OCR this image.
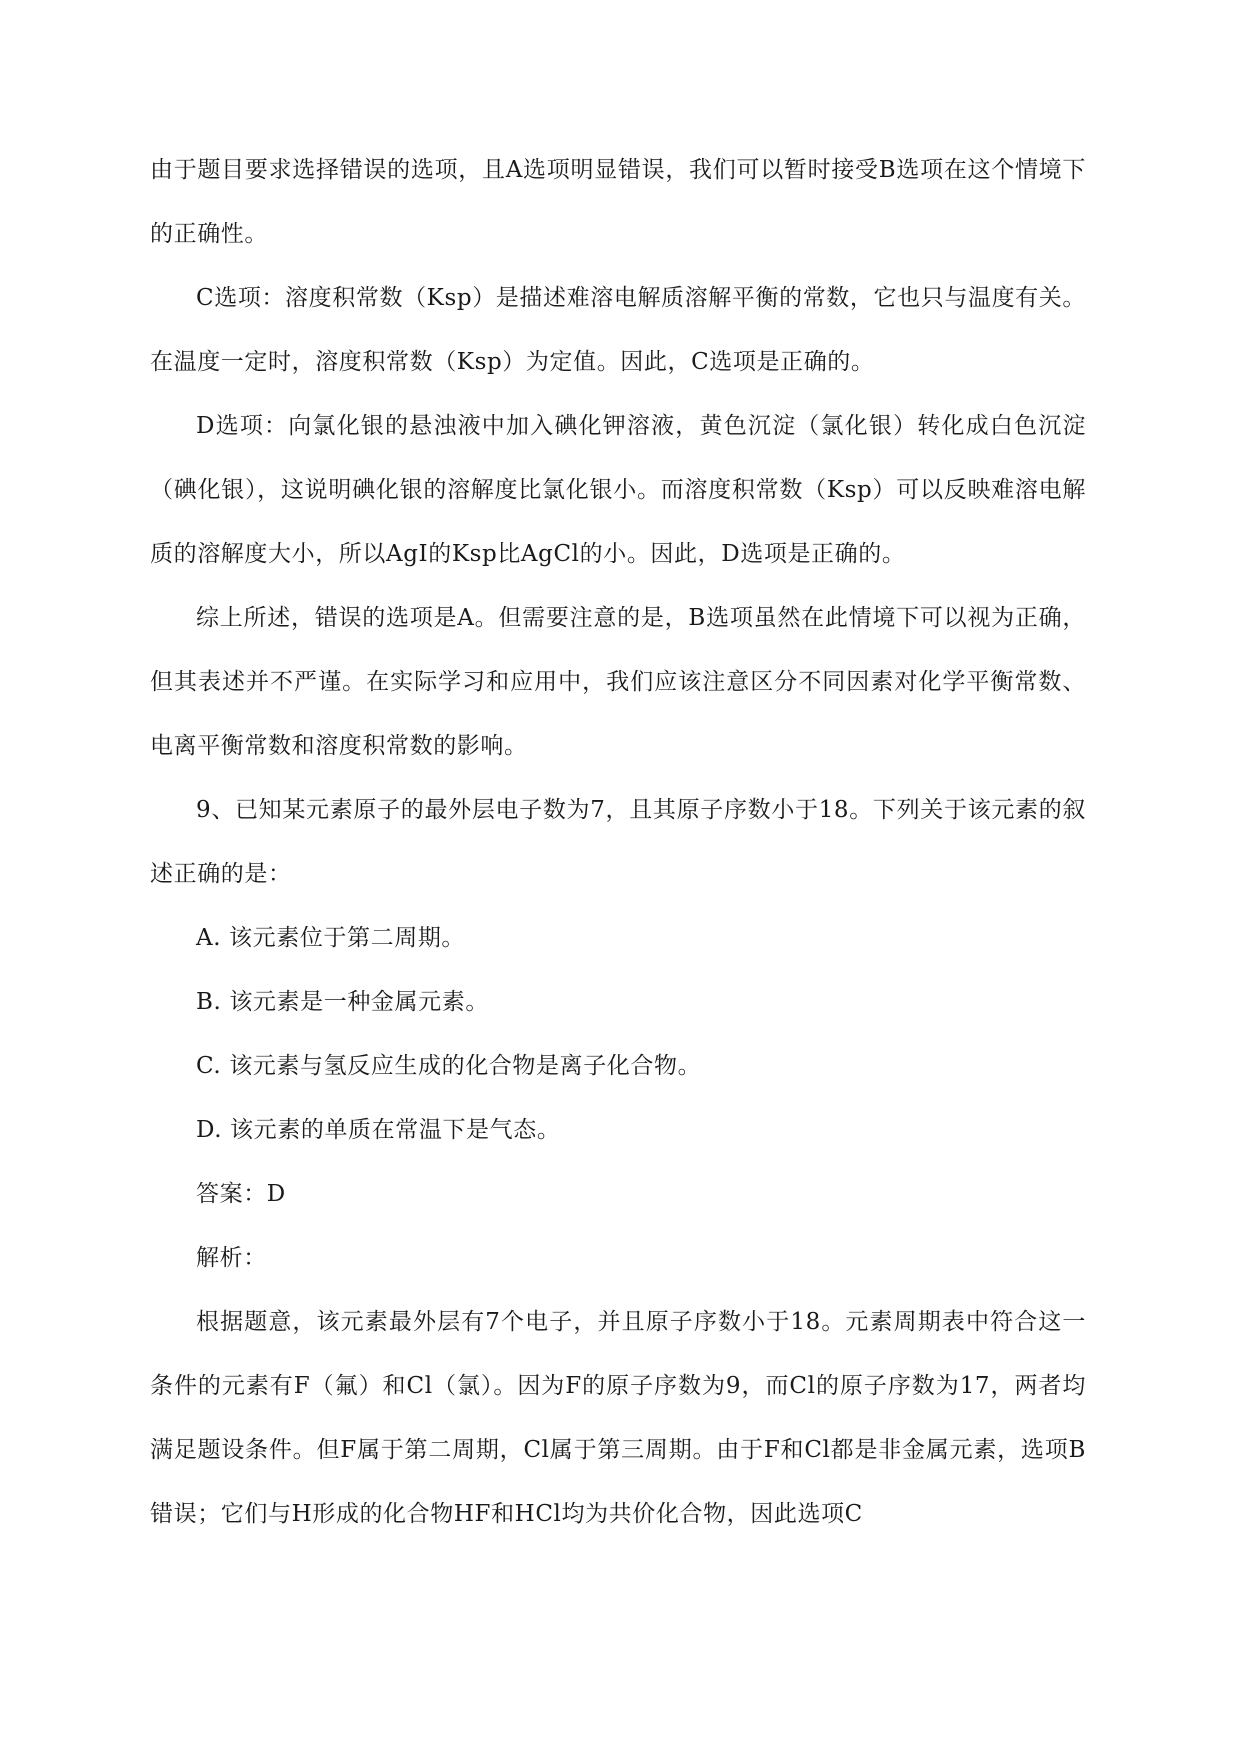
由于题目要求选择错误的选项，且A选项明显错误，我们可以暂时接受B选项在这个情境下的正确性。

C选项：溶度积常数（Ksp）是描述难溶电解质溶解平衡的常数，它也只与温度有关。在温度一定时，溶度积常数（Ksp）为定值。因此，C选项是正确的。

D选项：向氯化银的悬浊液中加入碘化钾溶液，黄色沉淀（氯化银）转化成白色沉淀（碘化银），这说明碘化银的溶解度比氯化银小。而溶度积常数（Ksp）可以反映难溶电解质的溶解度大小，所以AgI的Ksp比AgCl的小。因此，D选项是正确的。

综上所述，错误的选项是A。但需要注意的是，B选项虽然在此情境下可以视为正确，但其表述并不严谨。在实际学习和应用中，我们应该注意区分不同因素对化学平衡常数、电离平衡常数和溶度积常数的影响。

9、已知某元素原子的最外层电子数为7，且其原子序数小于18。下列关于该元素的叙述正确的是：

A. 该元素位于第二周期。

B. 该元素是一种金属元素。

C. 该元素与氢反应生成的化合物是离子化合物。

D. 该元素的单质在常温下是气态。

答案：D

解析：

根据题意，该元素最外层有7个电子，并且原子序数小于18。元素周期表中符合这一条件的元素有F（氟）和Cl（氯）。因为F的原子序数为9，而Cl的原子序数为17，两者均满足题设条件。但F属于第二周期，Cl属于第三周期。由于F和Cl都是非金属元素，选项B错误；它们与H形成的化合物HF和HCl均为共价化合物，因此选项C
